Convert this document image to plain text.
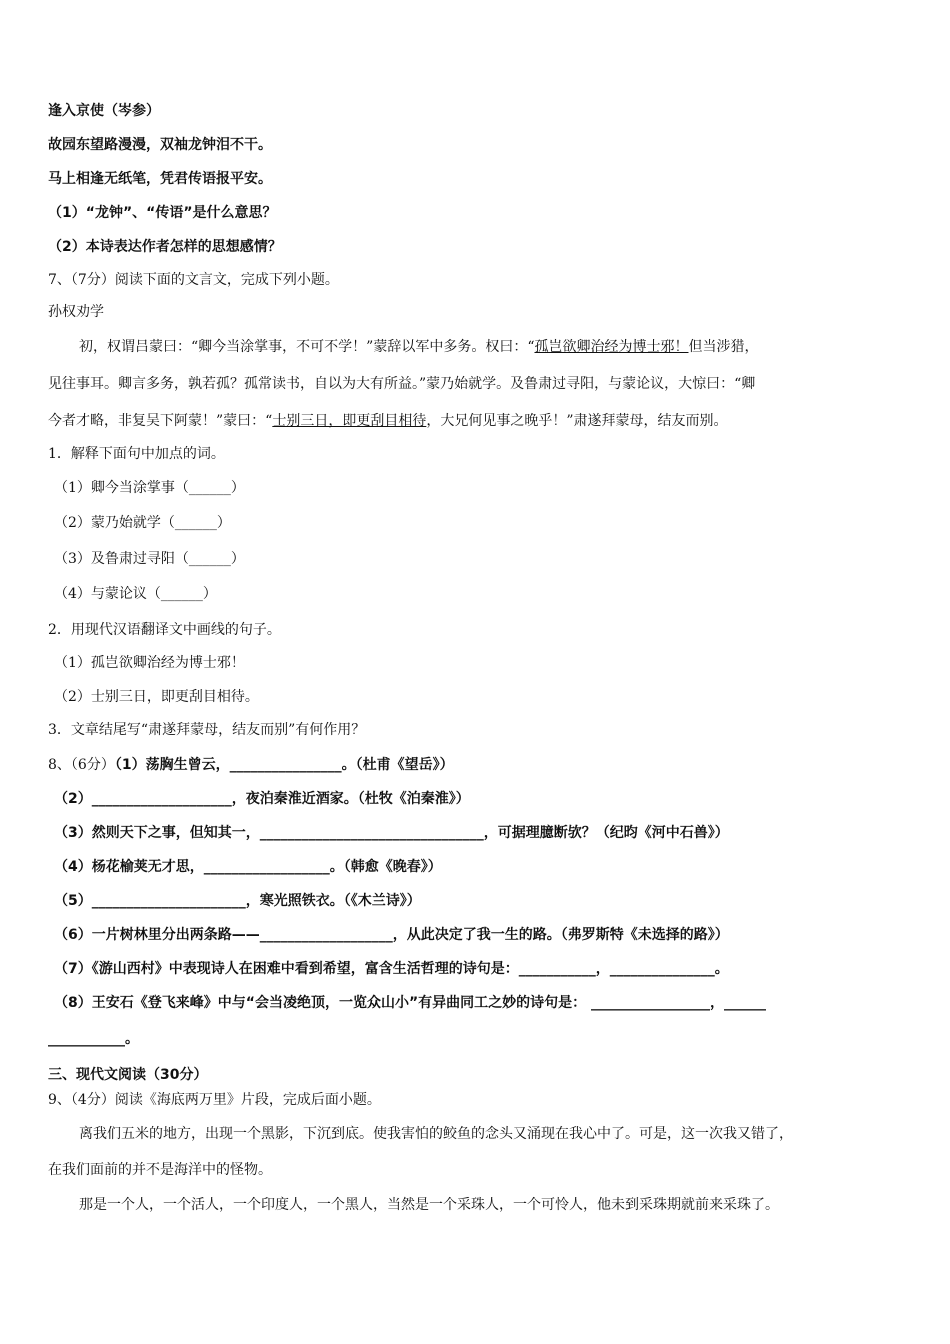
逢入京使（岑参）
故园东望路漫漫，双袖龙钟泪不干。
马上相逢无纸笔，凭君传语报平安。
（1）“龙钟”、“传语”是什么意思？
（2）本诗表达作者怎样的思想感情？
7、（7分）阅读下面的文言文，完成下列小题。
孙权劝学
初，权谓吕蒙曰：“卿今当涂掌事，不可不学！”蒙辞以军中多务。权曰：“孤岂欲卿治经为博士邪！但当涉猎，
见往事耳。卿言多务，孰若孤？孤常读书，自以为大有所益。”蒙乃始就学。及鲁肃过寻阳，与蒙论议，大惊曰：“卿
今者才略，非复吴下阿蒙！”蒙曰：“士别三日，即更刮目相待，大兄何见事之晚乎！”肃遂拜蒙母，结友而别。
1．解释下面句中加点的词。
（1）卿今当涂掌事（______）
（2）蒙乃始就学（______）
（3）及鲁肃过寻阳（______）
（4）与蒙论议（______）
2．用现代汉语翻译文中画线的句子。
（1）孤岂欲卿治经为博士邪！
（2）士别三日，即更刮目相待。
3．文章结尾写“肃遂拜蒙母，结友而别”有何作用？
8、（6分）（1）荡胸生曾云，________________。（杜甫《望岳》）
（2）____________________，夜泊秦淮近酒家。（杜牧《泊秦淮》）
（3）然则天下之事，但知其一，________________________________，可据理臆断欤？（纪昀《河中石兽》）
（4）杨花榆荚无才思，__________________。（韩愈《晚春》）
（5）______________________，寒光照铁衣。（《木兰诗》）
（6）一片树林里分出两条路——___________________，从此决定了我一生的路。（弗罗斯特《未选择的路》）
（7）《游山西村》中表现诗人在困难中看到希望，富含生活哲理的诗句是：___________，_______________。
（8）王安石《登飞来峰》中与“会当凌绝顶，一览众山小”有异曲同工之妙的诗句是： _________________，______
___________。
三、现代文阅读（30分）
9、（4分）阅读《海底两万里》片段，完成后面小题。
离我们五米的地方，出现一个黑影，下沉到底。使我害怕的鲛鱼的念头又涌现在我心中了。可是，这一次我又错了，
在我们面前的并不是海洋中的怪物。
那是一个人，一个活人，一个印度人，一个黑人，当然是一个采珠人，一个可怜人，他未到采珠期就前来采珠了。
